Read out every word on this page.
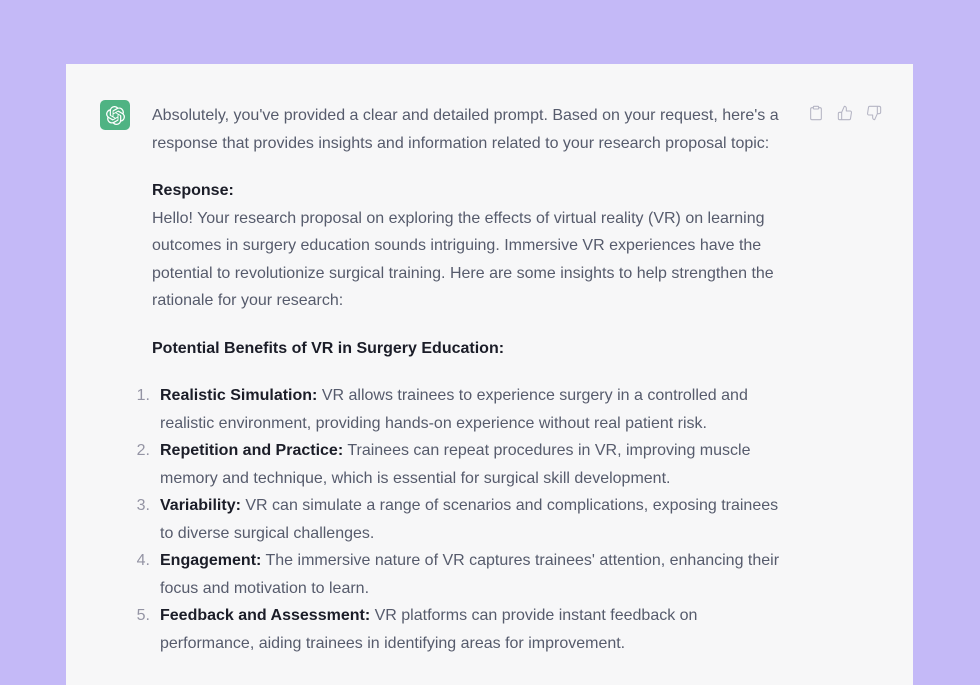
Absolutely, you've provided a clear and detailed prompt. Based on your request, here's a response that provides insights and information related to your research proposal topic:

Response:
Hello! Your research proposal on exploring the effects of virtual reality (VR) on learning outcomes in surgery education sounds intriguing. Immersive VR experiences have the potential to revolutionize surgical training. Here are some insights to help strengthen the rationale for your research:

Potential Benefits of VR in Surgery Education:

1. Realistic Simulation: VR allows trainees to experience surgery in a controlled and realistic environment, providing hands-on experience without real patient risk.
2. Repetition and Practice: Trainees can repeat procedures in VR, improving muscle memory and technique, which is essential for surgical skill development.
3. Variability: VR can simulate a range of scenarios and complications, exposing trainees to diverse surgical challenges.
4. Engagement: The immersive nature of VR captures trainees' attention, enhancing their focus and motivation to learn.
5. Feedback and Assessment: VR platforms can provide instant feedback on performance, aiding trainees in identifying areas for improvement.
